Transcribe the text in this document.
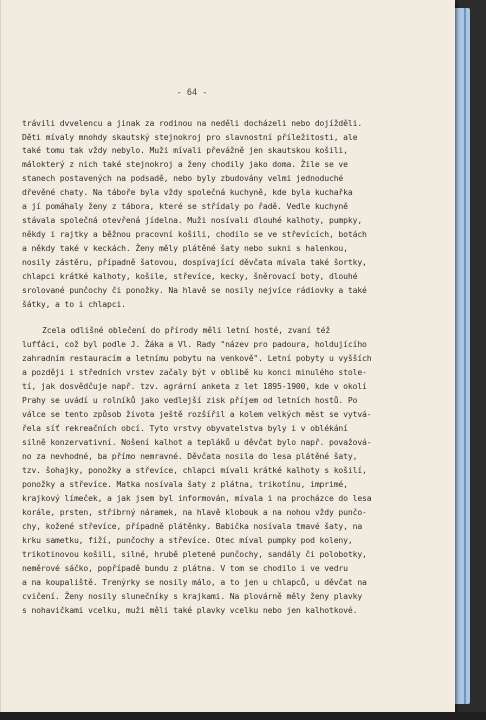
- 64 -
trávili dvvelencu a jinak za rodinou na neděli docházeli nebo dojížděli.
Děti mívaly mnohdy skautský stejnokroj pro slavnostní příležitosti, ale
také tomu tak vždy nebylo. Muži mívali převážně jen skautskou košili,
málokterý z nich také stejnokroj a ženy chodily jako doma. Žile se ve
stanech postavených na podsadě, nebo byly zbudovány velmi jednoduché
dřevěné chaty. Na táboře byla vždy společná kuchyně, kde byla kuchařka
a jí pomáhaly ženy z tábora, které se střídaly po řadě. Vedle kuchyně
stávala společná otevřená jídelna. Muži nosívali dlouhé kalhoty, pumpky,
někdy i rajtky a běžnou pracovní košili, chodilo se ve střevících, botách
a někdy také v keckách. Ženy měly plátěné šaty nebo sukni s halenkou,
nosily zástěru, případně šatovou, dospívající děvčata mívala také šortky,
chlapci krátké kalhoty, košile, střevíce, kecky, šněrovací boty, dlouhé
srolované punčochy či ponožky. Na hlavě se nosily nejvíce rádiovky a také
šátky, a to i chlapci.
Zcela odlišné oblečení do přírody měli letní hosté, zvaní též
lufťáci, což byl podle J. Žáka a Vl. Rady "název pro padoura, holdujícího
zahradním restauracím a letnímu pobytu na venkově". Letní pobyty u vyšších
a později i středních vrstev začaly být v oblibě ku konci minulého stole-
tí, jak dosvědčuje např. tzv. agrární anketa z let 1895-1900, kde v okolí
Prahy se uvádí u rolníků jako vedlejší zisk příjem od letních hostů. Po
válce se tento způsob života ještě rozšířil a kolem velkých měst se vytvá-
řela síť rekreačních obcí. Tyto vrstvy obyvatelstva byly i v oblékání
silně konzervativní. Nošení kalhot a tepláků u děvčat bylo např. považová-
no za nevhodné, ba přímo nemravné. Děvčata nosila do lesa plátěné šaty,
tzv. šohajky, ponožky a střevíce, chlapci mívali krátké kalhoty s košilí,
ponožky a střevíce. Matka nosívala šaty z plátna, trikotínu, imprimé,
krajkový límeček, a jak jsem byl informován, mívala i na procházce do lesa
korále, prsten, stříbrný náramek, na hlavě klobouk a na nohou vždy punčo-
chy, kožené střevíce, případně plátěnky. Babička nosívala tmavé šaty, na
krku sametku, fiží, punčochy a střevíce. Otec míval pumpky pod koleny,
trikotinovou košili, silné, hrubě pletené punčochy, sandály či polobotky,
neměrové sáčko, popřípadě bundu z plátna. V tom se chodilo i ve vedru
a na koupaliště. Trenýrky se nosily málo, a to jen u chlapců, u děvčat na
cvičení. Ženy nosily slunečníky s krajkami. Na plovárně měly ženy plavky
s nohavičkami vcelku, muži měli také plavky vcelku nebo jen kalhotkové.
